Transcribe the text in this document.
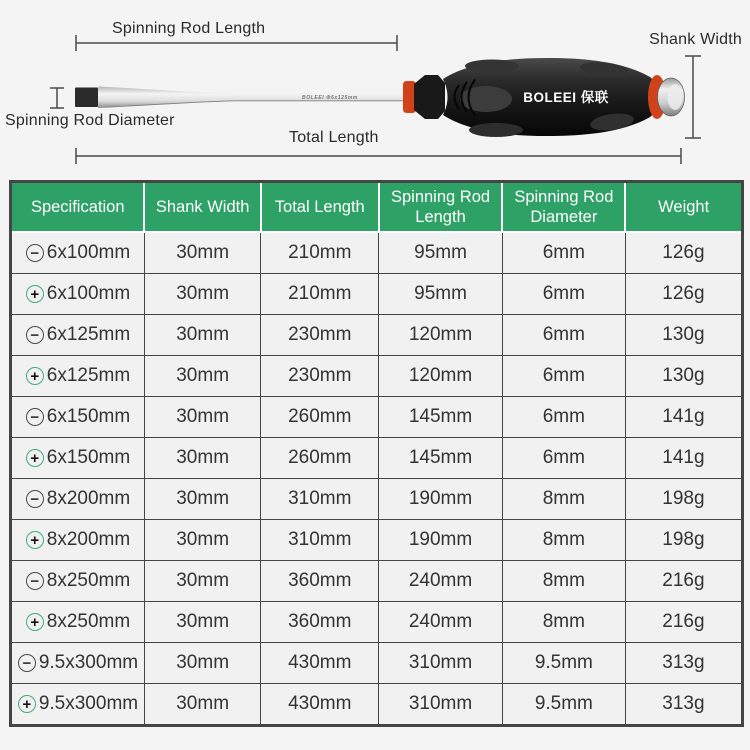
BOLEEI Φ6x125mm	BOLEEI 保联
Spinning Rod Length
Shank Width
Spinning Rod Diameter
Total Length
Specification	Shank Width	Total Length	Spinning Rod Length	Spinning Rod Diameter	Weight

− 6x100mm	30mm	210mm	95mm	6mm	126g

+ 6x100mm	30mm	210mm	95mm	6mm	126g

− 6x125mm	30mm	230mm	120mm	6mm	130g

+ 6x125mm	30mm	230mm	120mm	6mm	130g

− 6x150mm	30mm	260mm	145mm	6mm	141g

+ 6x150mm	30mm	260mm	145mm	6mm	141g

− 8x200mm	30mm	310mm	190mm	8mm	198g

+ 8x200mm	30mm	310mm	190mm	8mm	198g

− 8x250mm	30mm	360mm	240mm	8mm	216g

+ 8x250mm	30mm	360mm	240mm	8mm	216g

− 9.5x300mm	30mm	430mm	310mm	9.5mm	313g

+ 9.5x300mm	30mm	430mm	310mm	9.5mm	313g
